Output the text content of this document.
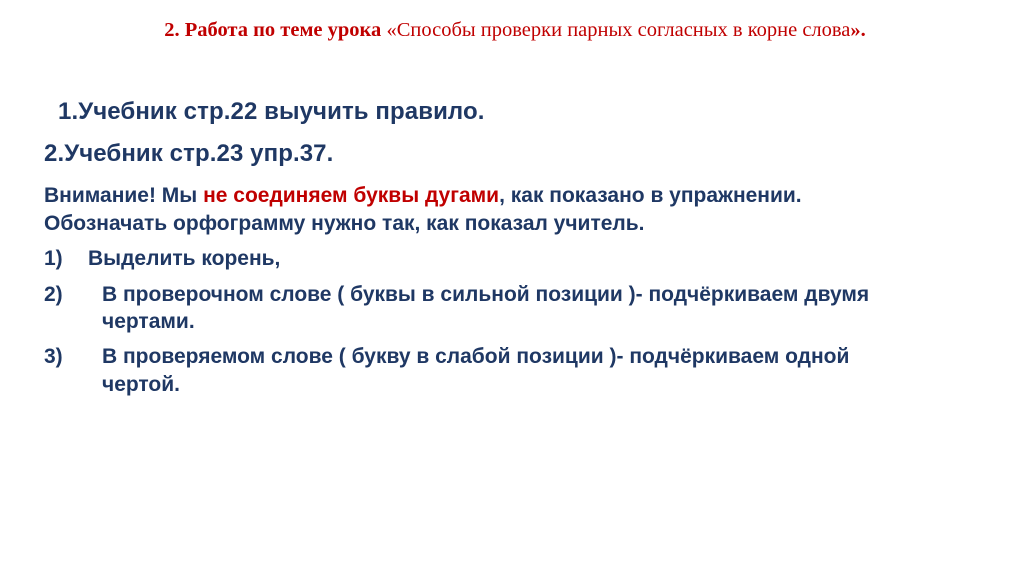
2. Работа по теме урока «Способы проверки парных согласных в корне слова».

1.Учебник стр.22 выучить правило.

2.Учебник стр.23 упр.37.

Внимание! Мы не соединяем буквы дугами, как показано в упражнении. Обозначать орфограмму нужно так, как показал учитель.

1)	Выделить корень,
2)	В проверочном слове ( буквы в сильной позиции )- подчёркиваем двумя чертами.
3)	В проверяемом слове ( букву в слабой позиции )- подчёркиваем одной чертой.
